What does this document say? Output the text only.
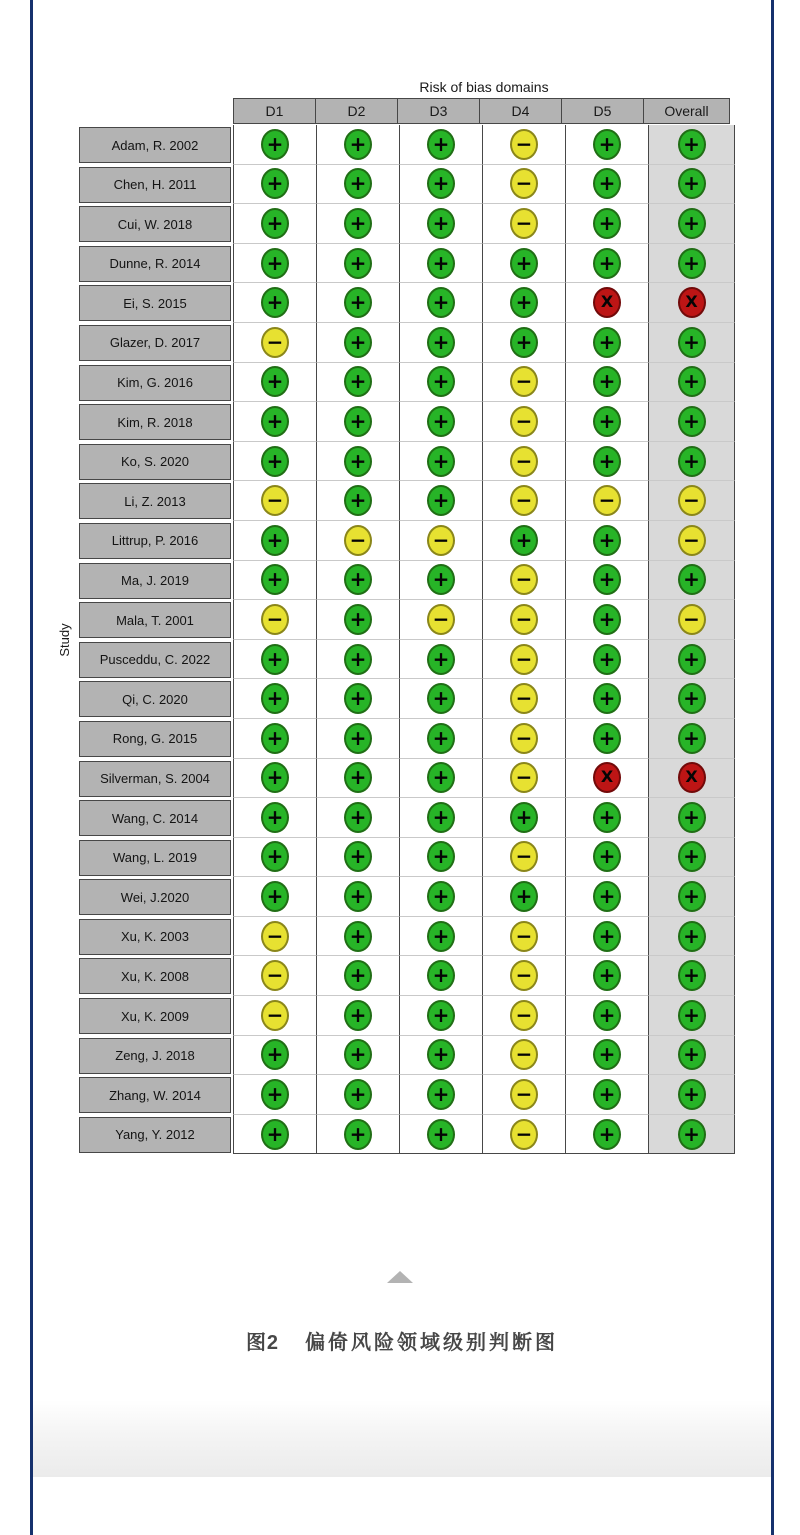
Risk of bias domains
D1	D2	D3	D4	D5	Overall
Adam, R. 2002	+	+	+	−	+	+
Chen, H. 2011	+	+	+	−	+	+
Cui, W. 2018	+	+	+	−	+	+
Dunne, R. 2014	+	+	+	+	+	+
Ei, S. 2015	+	+	+	+	X	X
Glazer, D. 2017	−	+	+	+	+	+
Kim, G. 2016	+	+	+	−	+	+
Kim, R. 2018	+	+	+	−	+	+
Ko, S. 2020	+	+	+	−	+	+
Li, Z. 2013	−	+	+	−	−	−
Littrup, P. 2016	+	−	−	+	+	−
Ma, J. 2019	+	+	+	−	+	+
Mala, T. 2001	−	+	−	−	+	−
Pusceddu, C. 2022	+	+	+	−	+	+
Qi, C. 2020	+	+	+	−	+	+
Rong, G. 2015	+	+	+	−	+	+
Silverman, S. 2004	+	+	+	−	X	X
Wang, C. 2014	+	+	+	+	+	+
Wang, L. 2019	+	+	+	−	+	+
Wei, J.2020	+	+	+	+	+	+
Xu, K. 2003	−	+	+	−	+	+
Xu, K. 2008	−	+	+	−	+	+
Xu, K. 2009	−	+	+	−	+	+
Zeng, J. 2018	+	+	+	−	+	+
Zhang, W. 2014	+	+	+	−	+	+
Yang, Y. 2012	+	+	+	−	+	+
Study
图2 偏倚风险领域级别判断图
